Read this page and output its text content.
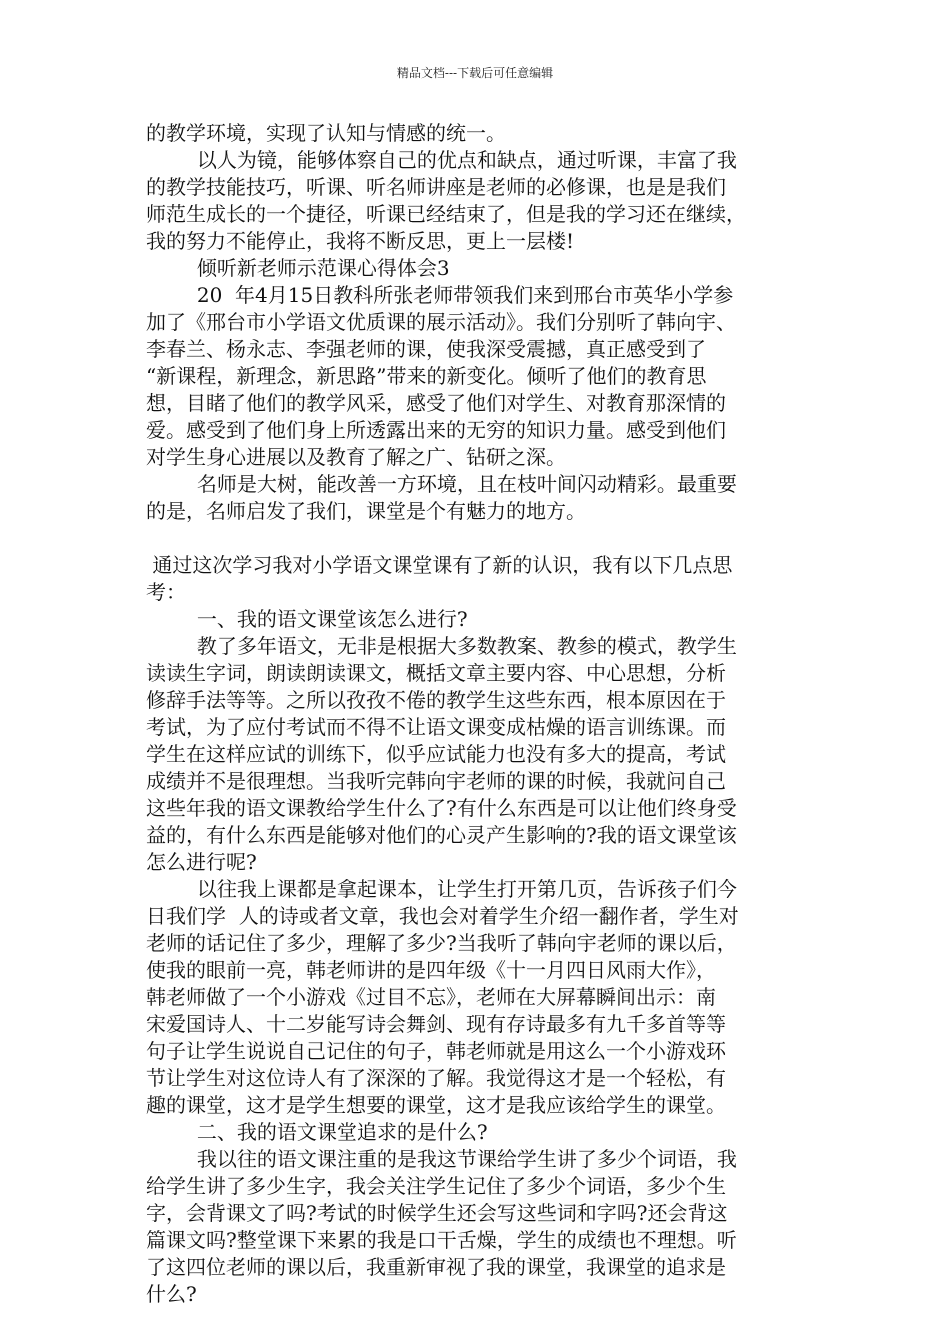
精品文档---下载后可任意编辑
的教学环境，实现了认知与情感的统一。
以人为镜，能够体察自己的优点和缺点，通过听课，丰富了我
的教学技能技巧，听课、听名师讲座是老师的必修课，也是是我们
师范生成长的一个捷径，听课已经结束了，但是我的学习还在继续，
我的努力不能停止，我将不断反思，更上一层楼!
倾听新老师示范课心得体会3
20  年4月15日教科所张老师带领我们来到邢台市英华小学参
加了《邢台市小学语文优质课的展示活动》。我们分别听了韩向宇、
李春兰、杨永志、李强老师的课，使我深受震撼，真正感受到了
“新课程，新理念，新思路”带来的新变化。倾听了他们的教育思
想，目睹了他们的教学风采，感受了他们对学生、对教育那深情的
爱。感受到了他们身上所透露出来的无穷的知识力量。感受到他们
对学生身心进展以及教育了解之广、钻研之深。
名师是大树，能改善一方环境，且在枝叶间闪动精彩。最重要
的是，名师启发了我们，课堂是个有魅力的地方。
通过这次学习我对小学语文课堂课有了新的认识，我有以下几点思
考：
一、我的语文课堂该怎么进行?
教了多年语文，无非是根据大多数教案、教参的模式，教学生
读读生字词，朗读朗读课文，概括文章主要内容、中心思想，分析
修辞手法等等。之所以孜孜不倦的教学生这些东西，根本原因在于
考试，为了应付考试而不得不让语文课变成枯燥的语言训练课。而
学生在这样应试的训练下，似乎应试能力也没有多大的提高，考试
成绩并不是很理想。当我听完韩向宇老师的课的时候，我就问自己
这些年我的语文课教给学生什么了?有什么东西是可以让他们终身受
益的，有什么东西是能够对他们的心灵产生影响的?我的语文课堂该
怎么进行呢?
以往我上课都是拿起课本，让学生打开第几页，告诉孩子们今
日我们学  人的诗或者文章，我也会对着学生介绍一翻作者，学生对
老师的话记住了多少，理解了多少?当我听了韩向宇老师的课以后，
使我的眼前一亮，韩老师讲的是四年级《十一月四日风雨大作》，
韩老师做了一个小游戏《过目不忘》，老师在大屏幕瞬间出示：南
宋爱国诗人、十二岁能写诗会舞剑、现有存诗最多有九千多首等等
句子让学生说说自己记住的句子，韩老师就是用这么一个小游戏环
节让学生对这位诗人有了深深的了解。我觉得这才是一个轻松，有
趣的课堂，这才是学生想要的课堂，这才是我应该给学生的课堂。
二、我的语文课堂追求的是什么?
我以往的语文课注重的是我这节课给学生讲了多少个词语，我
给学生讲了多少生字，我会关注学生记住了多少个词语，多少个生
字，会背课文了吗?考试的时候学生还会写这些词和字吗?还会背这
篇课文吗?整堂课下来累的我是口干舌燥，学生的成绩也不理想。听
了这四位老师的课以后，我重新审视了我的课堂，我课堂的追求是
什么?
